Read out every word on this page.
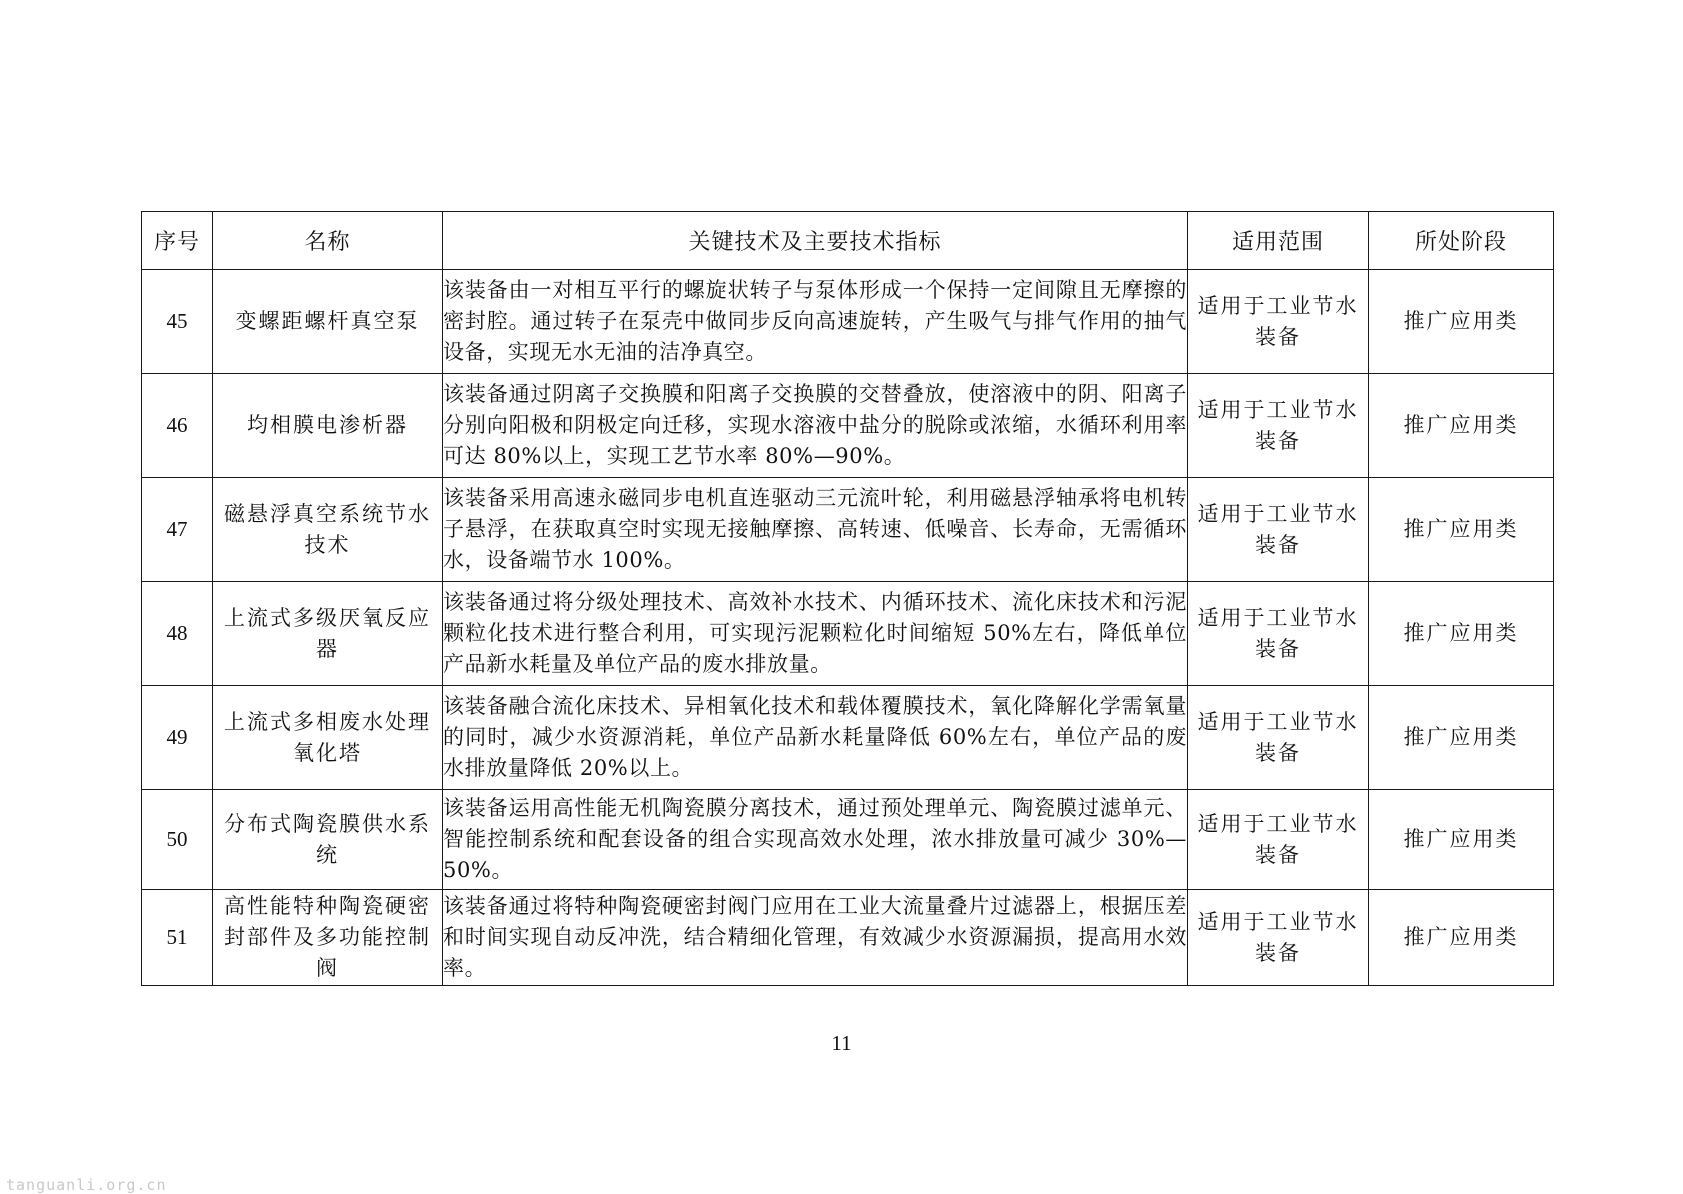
序号	名称	关键技术及主要技术指标	适用范围	所处阶段
45	变螺距螺杆真空泵	该装备由一对相互平行的螺旋状转子与泵体形成一个保持一定间隙且无摩擦的密封腔。通过转子在泵壳中做同步反向高速旋转，产生吸气与排气作用的抽气设备，实现无水无油的洁净真空。	适用于工业节水装备	推广应用类
46	均相膜电渗析器	该装备通过阴离子交换膜和阳离子交换膜的交替叠放，使溶液中的阴、阳离子分别向阳极和阴极定向迁移，实现水溶液中盐分的脱除或浓缩，水循环利用率可达 80%以上，实现工艺节水率 80%—90%。	适用于工业节水装备	推广应用类
47	磁悬浮真空系统节水技术	该装备采用高速永磁同步电机直连驱动三元流叶轮，利用磁悬浮轴承将电机转子悬浮，在获取真空时实现无接触摩擦、高转速、低噪音、长寿命，无需循环水，设备端节水 100%。	适用于工业节水装备	推广应用类
48	上流式多级厌氧反应器	该装备通过将分级处理技术、高效补水技术、内循环技术、流化床技术和污泥颗粒化技术进行整合利用，可实现污泥颗粒化时间缩短 50%左右，降低单位产品新水耗量及单位产品的废水排放量。	适用于工业节水装备	推广应用类
49	上流式多相废水处理氧化塔	该装备融合流化床技术、异相氧化技术和载体覆膜技术，氧化降解化学需氧量的同时，减少水资源消耗，单位产品新水耗量降低 60%左右，单位产品的废水排放量降低 20%以上。	适用于工业节水装备	推广应用类
50	分布式陶瓷膜供水系统	该装备运用高性能无机陶瓷膜分离技术，通过预处理单元、陶瓷膜过滤单元、智能控制系统和配套设备的组合实现高效水处理，浓水排放量可减少 30%—50%。	适用于工业节水装备	推广应用类
51	高性能特种陶瓷硬密封部件及多功能控制阀	该装备通过将特种陶瓷硬密封阀门应用在工业大流量叠片过滤器上，根据压差和时间实现自动反冲洗，结合精细化管理，有效减少水资源漏损，提高用水效率。	适用于工业节水装备	推广应用类
11
tanguanli.org.cn
